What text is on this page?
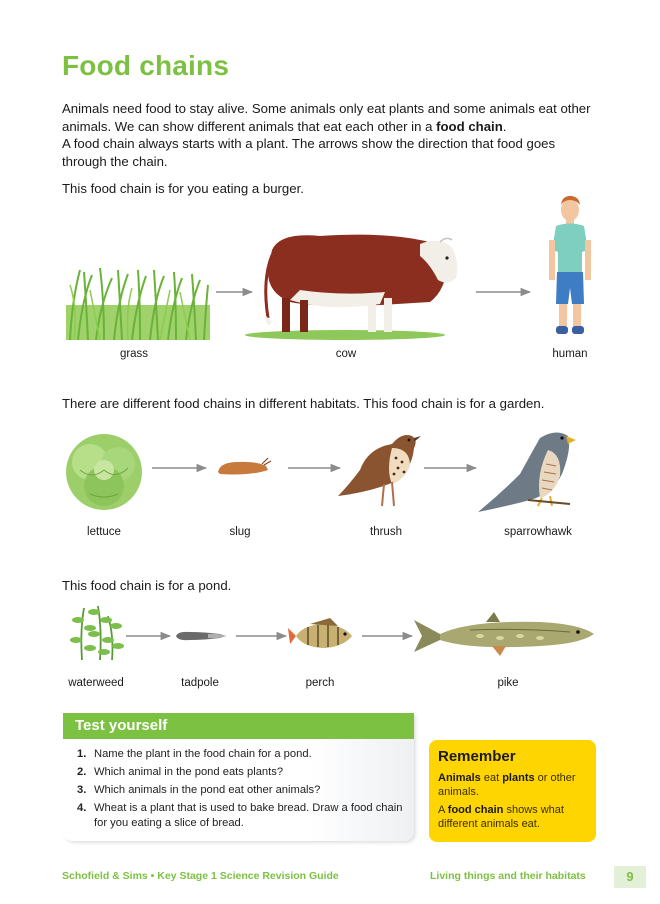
Food chains

Animals need food to stay alive. Some animals only eat plants and some animals eat other animals. We can show different animals that eat each other in a food chain.

A food chain always starts with a plant. The arrows show the direction that food goes through the chain.

This food chain is for you eating a burger.
There are different food chains in different habitats. This food chain is for a garden.
This food chain is for a pond.
grass	cow	human
lettuce	slug	thrush	sparrowhawk
waterweed	tadpole	perch	pike
Test yourself
1. Name the plant in the food chain for a pond.
2. Which animal in the pond eats plants?
3. Which animals in the pond eat other animals?
4. Wheat is a plant that is used to bake bread. Draw a food chain for you eating a slice of bread.
Remember

Animals eat plants or other animals.

A food chain shows what different animals eat.

Schofield & Sims • Key Stage 1 Science Revision Guide	Living things and their habitats	9
